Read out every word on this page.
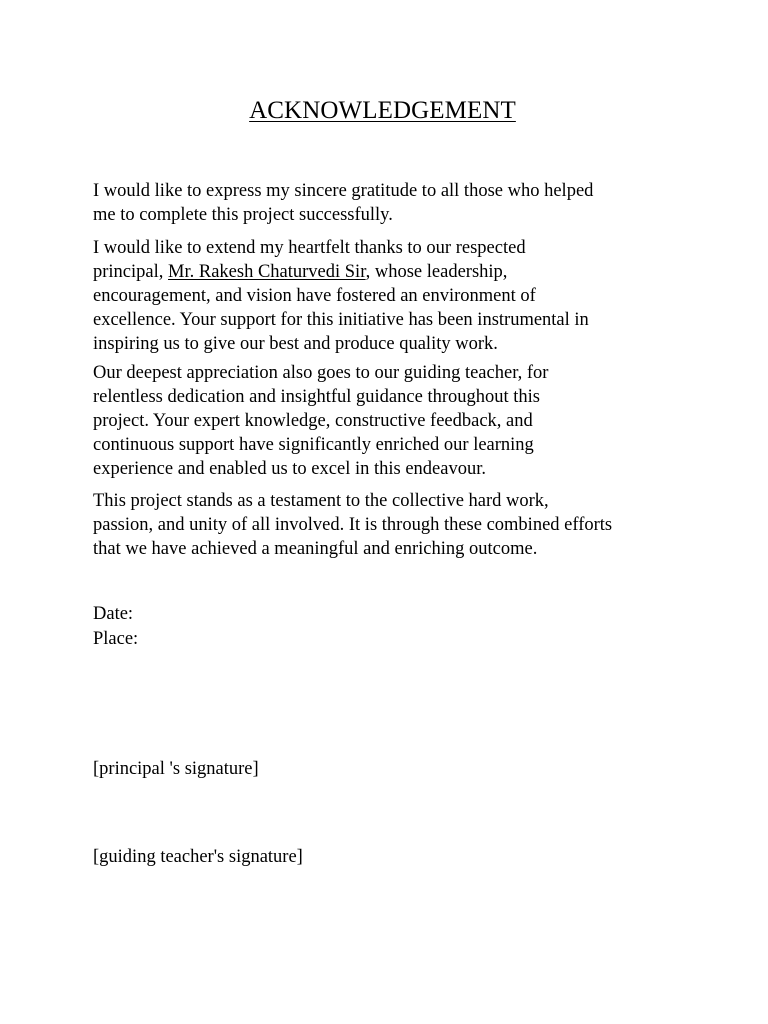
ACKNOWLEDGEMENT
I would like to express my sincere gratitude to all those who helped
me to complete this project successfully.
I would like to extend my heartfelt thanks to our respected
principal, Mr. Rakesh Chaturvedi Sir, whose leadership,
encouragement, and vision have fostered an environment of
excellence. Your support for this initiative has been instrumental in
inspiring us to give our best and produce quality work.
Our deepest appreciation also goes to our guiding teacher, for
relentless dedication and insightful guidance throughout this
project. Your expert knowledge, constructive feedback, and
continuous support have significantly enriched our learning
experience and enabled us to excel in this endeavour.
This project stands as a testament to the collective hard work,
passion, and unity of all involved. It is through these combined efforts
that we have achieved a meaningful and enriching outcome.
Date:
Place:
[principal 's signature]
[guiding teacher's signature]
